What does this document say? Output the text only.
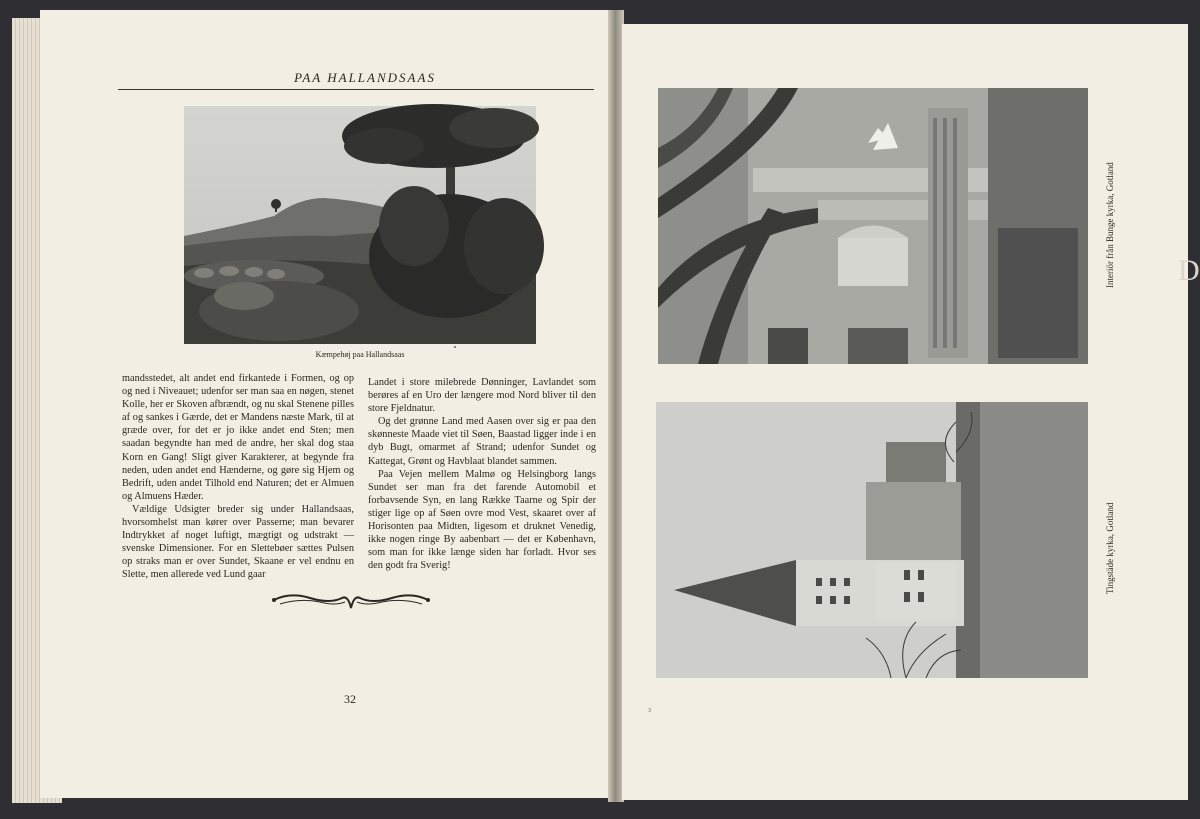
PAA HALLANDSAAS
Kæmpehøj paa Hallandsaas

mandsstedet, alt andet end firkantede i Formen, og op og ned i Niveauet; udenfor ser man saa en nøgen, stenet Kolle, her er Skoven afbrændt, og nu skal Stenene pilles af og sankes i Gærde, det er Mandens næste Mark, til at græde over, for det er jo ikke andet end Sten; men saadan begyndte han med de andre, her skal dog staa Korn en Gang! Sligt giver Karakterer, at begynde fra neden, uden andet end Hænderne, og gøre sig Hjem og Bedrift, uden andet Tilhold end Naturen; det er Almuen og Almuens Hæder.

Vældige Udsigter breder sig under Hallandsaas, hvorsomhelst man kører over Passerne; man bevarer Indtrykket af noget luftigt, mægtigt og udstrakt — svenske Dimensioner. For en Slettebøer sættes Pulsen op straks man er over Sundet, Skaane er vel endnu en Slette, men allerede ved Lund gaar

Landet i store milebrede Dønninger, Lavlandet som berøres af en Uro der længere mod Nord bliver til den store Fjeldnatur.

Og det grønne Land med Aasen over sig er paa den skønneste Maade viet til Søen, Baastad ligger inde i en dyb Bugt, omarmet af Strand; udenfor Sundet og Kattegat, Grønt og Havblaat blandet sammen.

Paa Vejen mellem Malmø og Helsingborg langs Sundet ser man fra det farende Automobil et forbavsende Syn, en lang Række Taarne og Spir der stiger lige op af Søen ovre mod Vest, skaaret over af Horisonten paa Midten, ligesom et druknet Venedig, ikke nogen ringe By aabenbart — det er København, som man for ikke længe siden har forladt. Hvor ses den godt fra Sverig!

32
Interiör från Bunge kyrka, Gotland
Tingstäde kyrka, Gotland
3
D
